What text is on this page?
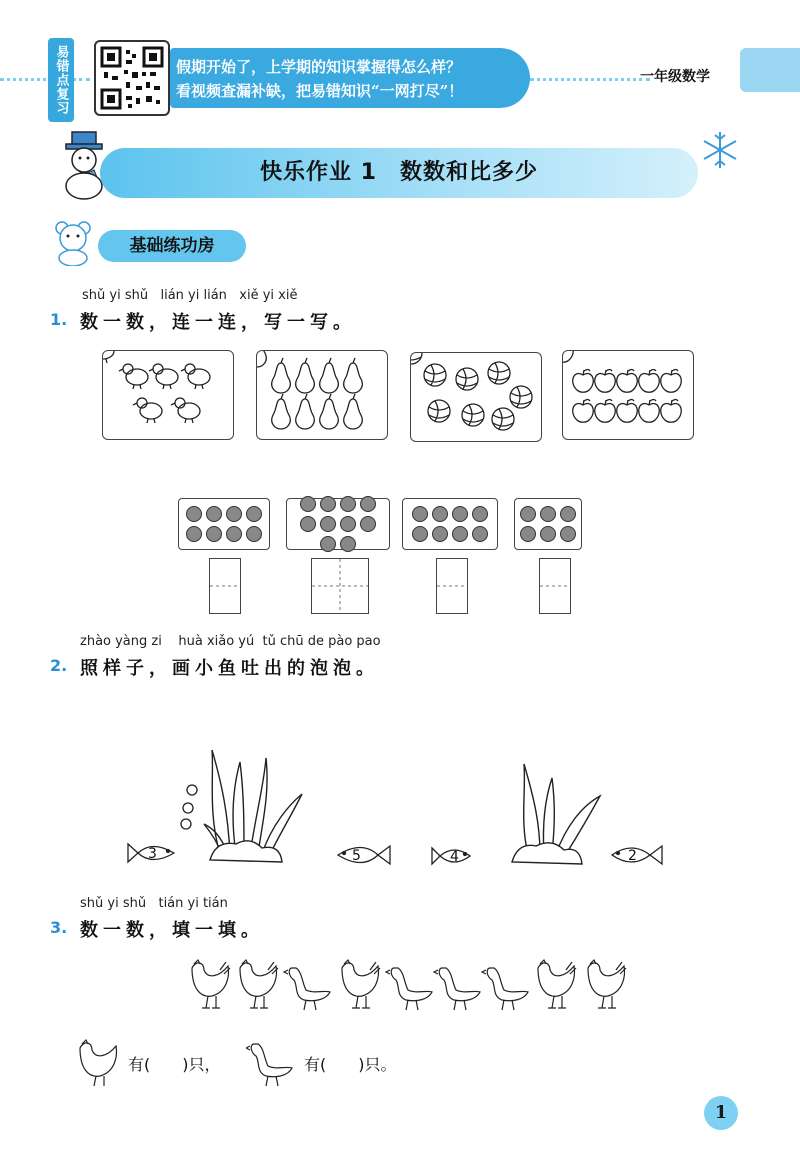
易错点复习	假期开始了，上学期的知识掌握得怎么样？
看视频查漏补缺，把易错知识“一网打尽”！
一年级数学
快乐作业 1　数数和比多少
基础练功房
shǔ yi shǔ   lián yi lián   xiě yi xiě
1. 数一数，连一连，写一写。
zhào yàng zi    huà xiǎo yú  tǔ chū de pào pao
2. 照样子，画小鱼吐出的泡泡。
3	5	4	2
shǔ yi shǔ   tián yi tián
3. 数一数，填一填。
有(　　)只，	有(　　)只。
1
